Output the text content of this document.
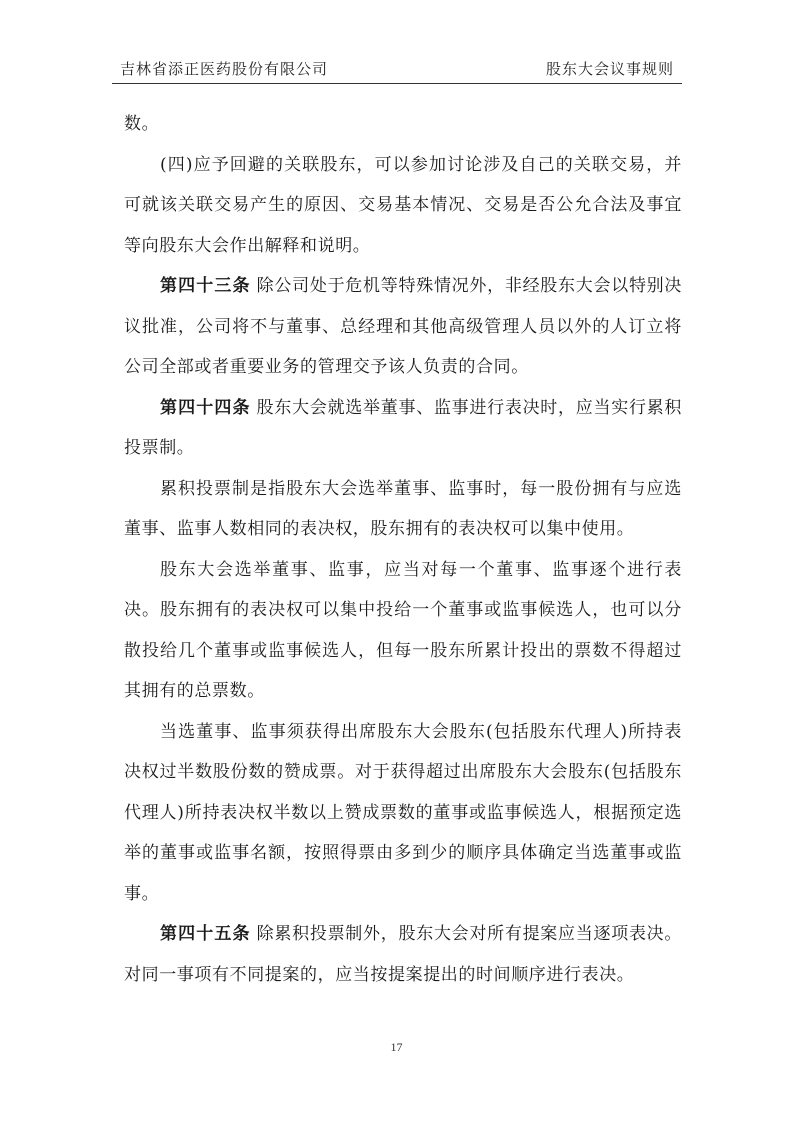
吉林省添正医药股份有限公司	股东大会议事规则

数。

(四)应予回避的关联股东，可以参加讨论涉及自己的关联交易，并可就该关联交易产生的原因、交易基本情况、交易是否公允合法及事宜等向股东大会作出解释和说明。

第四十三条 除公司处于危机等特殊情况外，非经股东大会以特别决议批准，公司将不与董事、总经理和其他高级管理人员以外的人订立将公司全部或者重要业务的管理交予该人负责的合同。

第四十四条 股东大会就选举董事、监事进行表决时，应当实行累积投票制。

累积投票制是指股东大会选举董事、监事时，每一股份拥有与应选董事、监事人数相同的表决权，股东拥有的表决权可以集中使用。

股东大会选举董事、监事，应当对每一个董事、监事逐个进行表决。股东拥有的表决权可以集中投给一个董事或监事候选人，也可以分散投给几个董事或监事候选人，但每一股东所累计投出的票数不得超过其拥有的总票数。

当选董事、监事须获得出席股东大会股东(包括股东代理人)所持表决权过半数股份数的赞成票。对于获得超过出席股东大会股东(包括股东代理人)所持表决权半数以上赞成票数的董事或监事候选人，根据预定选举的董事或监事名额，按照得票由多到少的顺序具体确定当选董事或监事。

第四十五条 除累积投票制外，股东大会对所有提案应当逐项表决。对同一事项有不同提案的，应当按提案提出的时间顺序进行表决。

17
